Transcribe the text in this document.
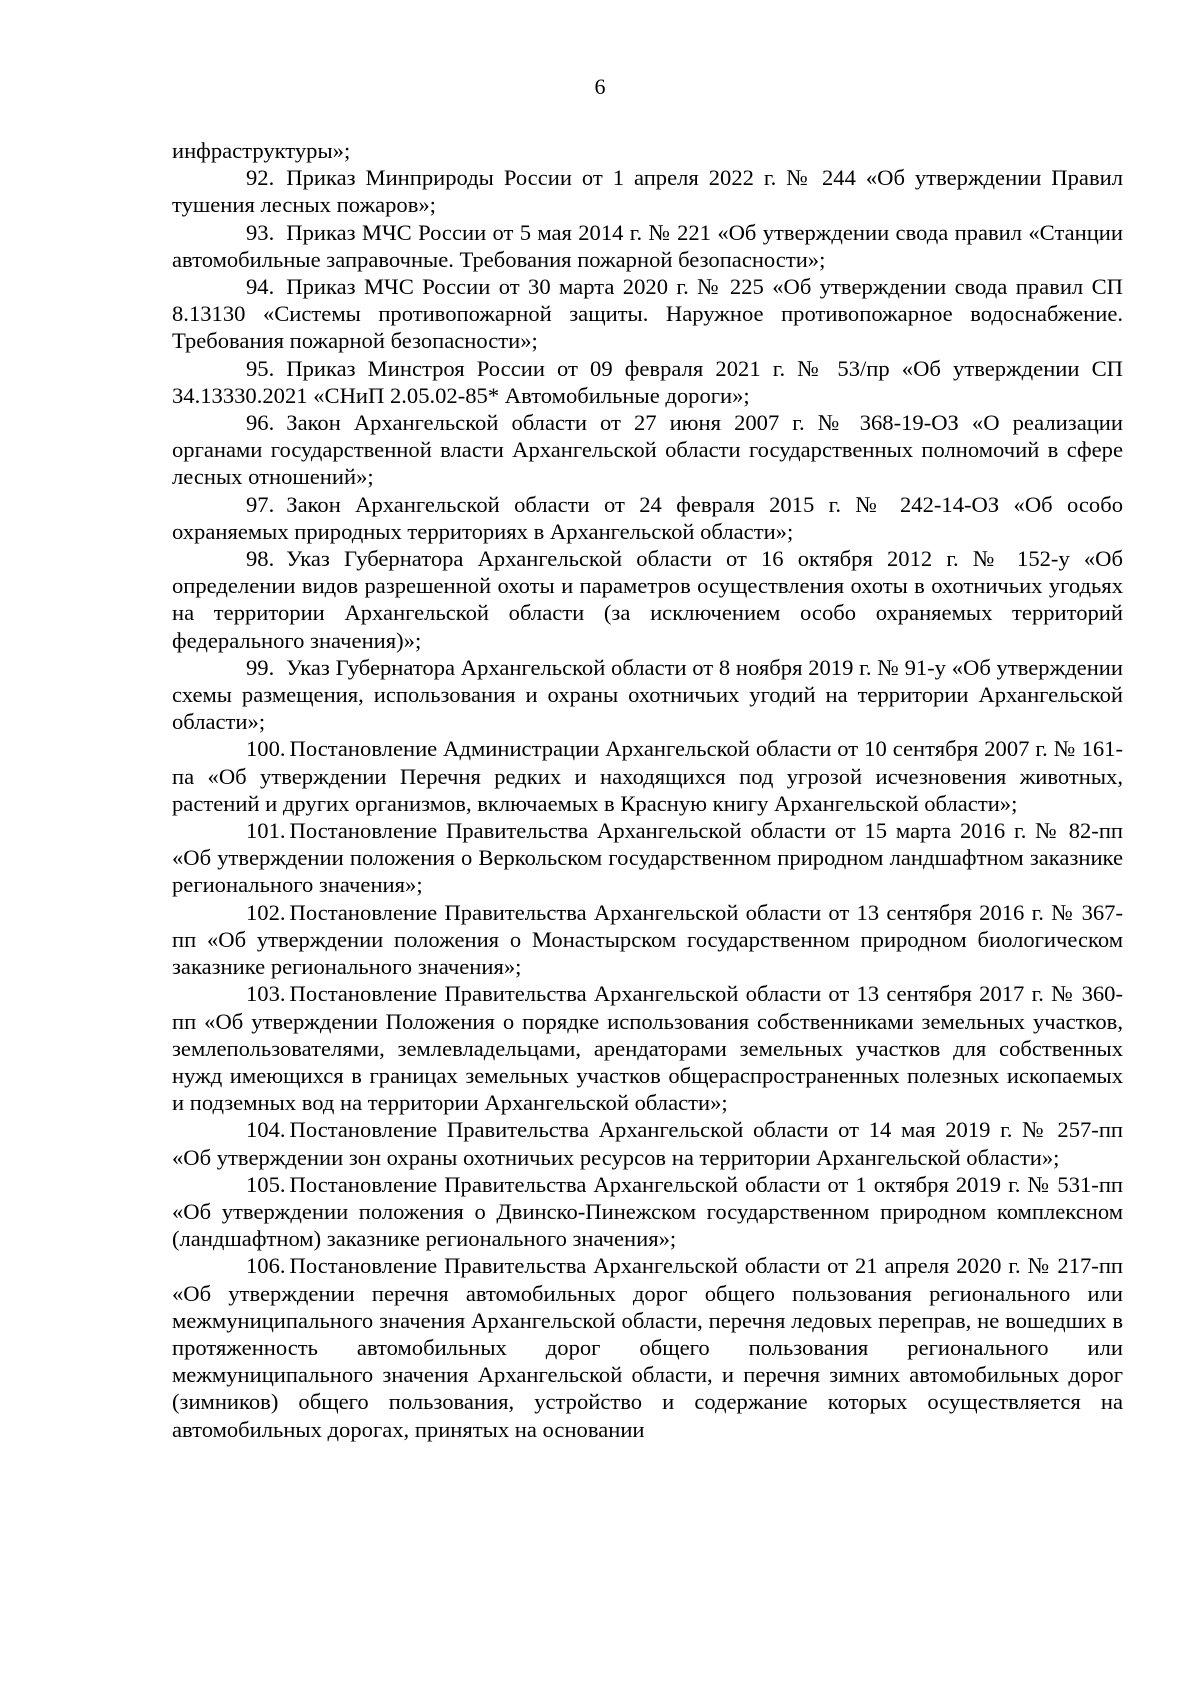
6

инфраструктуры»;

92. Приказ Минприроды России от 1 апреля 2022 г. № 244 «Об утверждении Правил тушения лесных пожаров»;

93. Приказ МЧС России от 5 мая 2014 г. № 221 «Об утверждении свода правил «Станции автомобильные заправочные. Требования пожарной безопасности»;

94. Приказ МЧС России от 30 марта 2020 г. № 225 «Об утверждении свода правил СП 8.13130 «Системы противопожарной защиты. Наружное противопожарное водоснабжение. Требования пожарной безопасности»;

95. Приказ Минстроя России от 09 февраля 2021 г. № 53/пр «Об утверждении СП 34.13330.2021 «СНиП 2.05.02-85* Автомобильные дороги»;

96. Закон Архангельской области от 27 июня 2007 г. № 368-19-ОЗ «О реализации органами государственной власти Архангельской области государственных полномочий в сфере лесных отношений»;

97. Закон Архангельской области от 24 февраля 2015 г. № 242-14-ОЗ «Об особо охраняемых природных территориях в Архангельской области»;

98. Указ Губернатора Архангельской области от 16 октября 2012 г. № 152-у «Об определении видов разрешенной охоты и параметров осуществления охоты в охотничьих угодьях на территории Архангельской области (за исключением особо охраняемых территорий федерального значения)»;

99. Указ Губернатора Архангельской области от 8 ноября 2019 г. № 91-у «Об утверждении схемы размещения, использования и охраны охотничьих угодий на территории Архангельской области»;

100. Постановление Администрации Архангельской области от 10 сентября 2007 г. № 161-па «Об утверждении Перечня редких и находящихся под угрозой исчезновения животных, растений и других организмов, включаемых в Красную книгу Архангельской области»;

101. Постановление Правительства Архангельской области от 15 марта 2016 г. № 82-пп «Об утверждении положения о Веркольском государственном природном ландшафтном заказнике регионального значения»;

102. Постановление Правительства Архангельской области от 13 сентября 2016 г. № 367-пп «Об утверждении положения о Монастырском государственном природном биологическом заказнике регионального значения»;

103. Постановление Правительства Архангельской области от 13 сентября 2017 г. № 360-пп «Об утверждении Положения о порядке использования собственниками земельных участков, землепользователями, землевладельцами, арендаторами земельных участков для собственных нужд имеющихся в границах земельных участков общераспространенных полезных ископаемых и подземных вод на территории Архангельской области»;

104. Постановление Правительства Архангельской области от 14 мая 2019 г. № 257-пп «Об утверждении зон охраны охотничьих ресурсов на территории Архангельской области»;

105. Постановление Правительства Архангельской области от 1 октября 2019 г. № 531-пп «Об утверждении положения о Двинско-Пинежском государственном природном комплексном (ландшафтном) заказнике регионального значения»;

106. Постановление Правительства Архангельской области от 21 апреля 2020 г. № 217-пп «Об утверждении перечня автомобильных дорог общего пользования регионального или межмуниципального значения Архангельской области, перечня ледовых переправ, не вошедших в протяженность автомобильных дорог общего пользования регионального или межмуниципального значения Архангельской области, и перечня зимних автомобильных дорог (зимников) общего пользования, устройство и содержание которых осуществляется на автомобильных дорогах, принятых на основании
